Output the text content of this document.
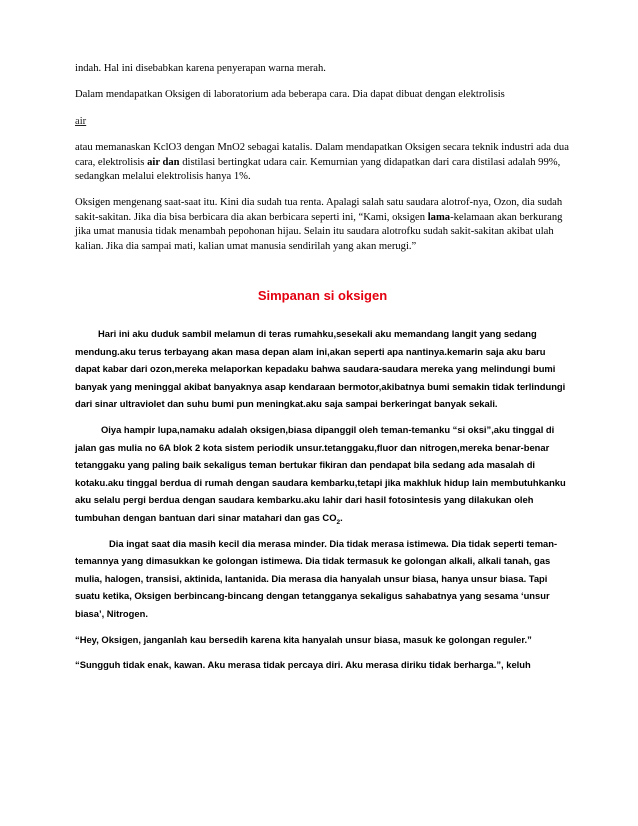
indah. Hal ini disebabkan karena penyerapan warna merah.

Dalam mendapatkan Oksigen di laboratorium ada beberapa cara. Dia dapat dibuat dengan elektrolisis

air

atau memanaskan KclO3 dengan MnO2 sebagai katalis. Dalam mendapatkan Oksigen secara teknik industri ada dua cara, elektrolisis air dan distilasi bertingkat udara cair. Kemurnian yang didapatkan dari cara distilasi adalah 99%, sedangkan melalui elektrolisis hanya 1%.

Oksigen mengenang saat-saat itu. Kini dia sudah tua renta. Apalagi salah satu saudara alotrof-nya, Ozon, dia sudah sakit-sakitan. Jika dia bisa berbicara dia akan berbicara seperti ini, “Kami, oksigen lama-kelamaan akan berkurang jika umat manusia tidak menambah pepohonan hijau. Selain itu saudara alotrofku sudah sakit-sakitan akibat ulah kalian. Jika dia sampai mati, kalian umat manusia sendirilah yang akan merugi.”

Simpanan si oksigen

Hari ini aku duduk sambil melamun di teras rumahku,sesekali aku memandang langit yang sedang mendung.aku terus terbayang akan masa depan alam ini,akan seperti apa nantinya.kemarin saja aku baru dapat kabar dari ozon,mereka melaporkan kepadaku bahwa saudara-saudara mereka yang melindungi bumi banyak yang meninggal akibat banyaknya asap kendaraan bermotor,akibatnya bumi semakin tidak terlindungi dari sinar ultraviolet dan suhu bumi pun meningkat.aku saja sampai berkeringat banyak sekali.

Oiya hampir lupa,namaku adalah oksigen,biasa dipanggil oleh teman-temanku “si oksi”,aku tinggal di jalan gas mulia no 6A blok 2 kota sistem periodik unsur.tetanggaku,fluor dan nitrogen,mereka benar-benar tetanggaku yang paling baik sekaligus teman bertukar fikiran dan pendapat bila sedang ada masalah di kotaku.aku tinggal berdua di rumah dengan saudara kembarku,tetapi jika makhluk hidup lain membutuhkanku aku selalu pergi berdua dengan saudara kembarku.aku lahir dari hasil fotosintesis yang dilakukan oleh tumbuhan dengan bantuan dari sinar matahari dan gas $CO_2$.

Dia ingat saat dia masih kecil dia merasa minder. Dia tidak merasa istimewa. Dia tidak seperti teman-temannya yang dimasukkan ke golongan istimewa. Dia tidak termasuk ke golongan alkali, alkali tanah, gas mulia, halogen, transisi, aktinida, lantanida. Dia merasa dia hanyalah unsur biasa, hanya unsur biasa. Tapi suatu ketika, Oksigen berbincang-bincang dengan tetangganya sekaligus sahabatnya yang sesama ‘unsur biasa’, Nitrogen.

“Hey, Oksigen, janganlah kau bersedih karena kita hanyalah unsur biasa, masuk ke golongan reguler.”

“Sungguh tidak enak, kawan. Aku merasa tidak percaya diri. Aku merasa diriku tidak berharga.”, keluh
